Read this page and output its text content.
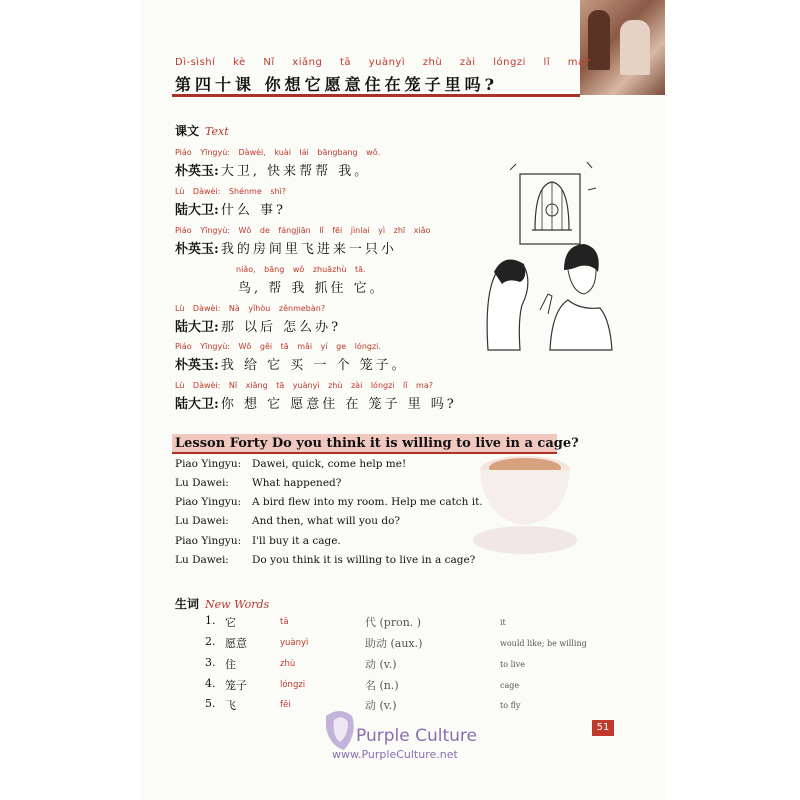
Dì-sìshí kè Nǐ xiǎng tā yuànyì zhù zài lóngzi lǐ ma?
第四十课 你想它愿意住在笼子里吗?
课文 Text
Piáo Yīngyù: Dàwèi, kuài lái bāngbang wǒ.
朴英玉: 大卫, 快来帮帮 我。
Lù Dàwèi: Shénme shì?
陆大卫: 什么 事?
Piáo Yīngyù: Wǒ de fángjiān lǐ fēi jìnlai yì zhī xiǎo
朴英玉: 我的房间里飞进来一只小
niǎo, bāng wǒ zhuāzhù tā.
鸟, 帮 我 抓住 它。
Lù Dàwèi: Nà yǐhòu zěnmebàn?
陆大卫: 那 以后 怎么办?
Piáo Yīngyù: Wǒ gěi tā mǎi yí ge lóngzi.
朴英玉: 我 给 它 买 一 个 笼子。
Lù Dàwèi: Nǐ xiǎng tā yuànyì zhù zài lóngzi lǐ ma?
陆大卫: 你 想 它 愿意住 在 笼子 里 吗?
Lesson Forty Do you think it is willing to live in a cage?
Piao Yingyu: Dawei, quick, come help me!
Lu Dawei: What happened?
Piao Yingyu: A bird flew into my room. Help me catch it.
Lu Dawei: And then, what will you do?
Piao Yingyu: I'll buy it a cage.
Lu Dawei: Do you think it is willing to live in a cage?
生词 New Words
1. 它	tā	代 (pron. )	it
2. 愿意	yuànyì	助动 (aux.)	would like; be willing
3. 住	zhù	动 (v.)	to live
4. 笼子	lóngzi	名 (n.)	cage
5. 飞	fēi	动 (v.)	to fly
Purple Culture
www.PurpleCulture.net
51
